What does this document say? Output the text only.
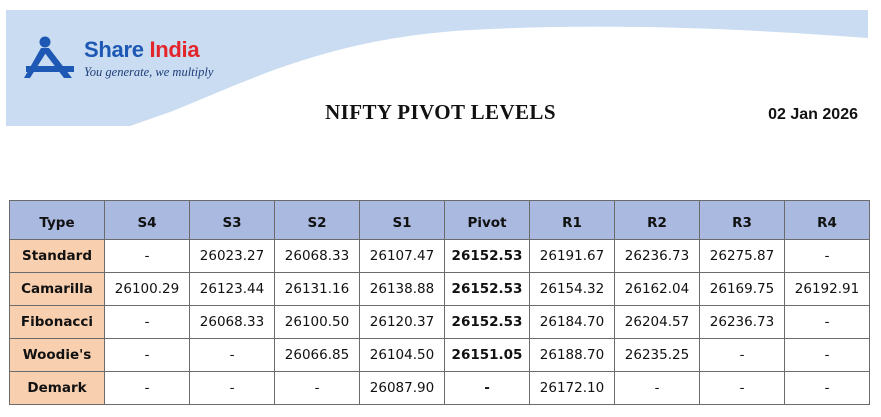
Share India
You generate, we multiply
NIFTY PIVOT LEVELS	02 Jan 2026
Type	S4	S3	S2	S1	Pivot	R1	R2	R3	R4
Standard	-	26023.27	26068.33	26107.47	26152.53	26191.67	26236.73	26275.87	-
Camarilla	26100.29	26123.44	26131.16	26138.88	26152.53	26154.32	26162.04	26169.75	26192.91
Fibonacci	-	26068.33	26100.50	26120.37	26152.53	26184.70	26204.57	26236.73	-
Woodie's	-	-	26066.85	26104.50	26151.05	26188.70	26235.25	-	-
Demark	-	-	-	26087.90	-	26172.10	-	-	-
